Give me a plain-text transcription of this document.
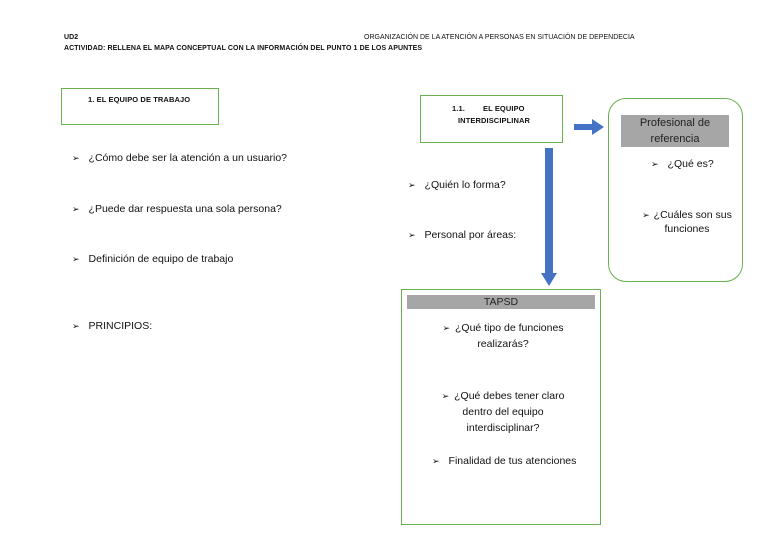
UD2	ORGANIZACIÓN DE LA ATENCIÓN A PERSONAS EN SITUACIÓN DE DEPENDECIA
ACTIVIDAD: RELLENA EL MAPA CONCEPTUAL CON LA INFORMACIÓN DEL PUNTO 1 DE LOS APUNTES
1. EL EQUIPO DE TRABAJO
➢ ¿Cómo debe ser la atención a un usuario?
➢ ¿Puede dar respuesta una sola persona?
➢ Definición de equipo de trabajo
➢ PRINCIPIOS:
1.1. EL EQUIPO
INTERDISCIPLINAR
➢ ¿Quién lo forma?
➢ Personal por áreas:
Profesional de referencia
➢ ¿Qué es?
➢ ¿Cuáles son sus funciones
TAPSD
➢ ¿Qué tipo de funciones realizarás?
➢ ¿Qué debes tener claro dentro del equipo interdisciplinar?
➢ Finalidad de tus atenciones
